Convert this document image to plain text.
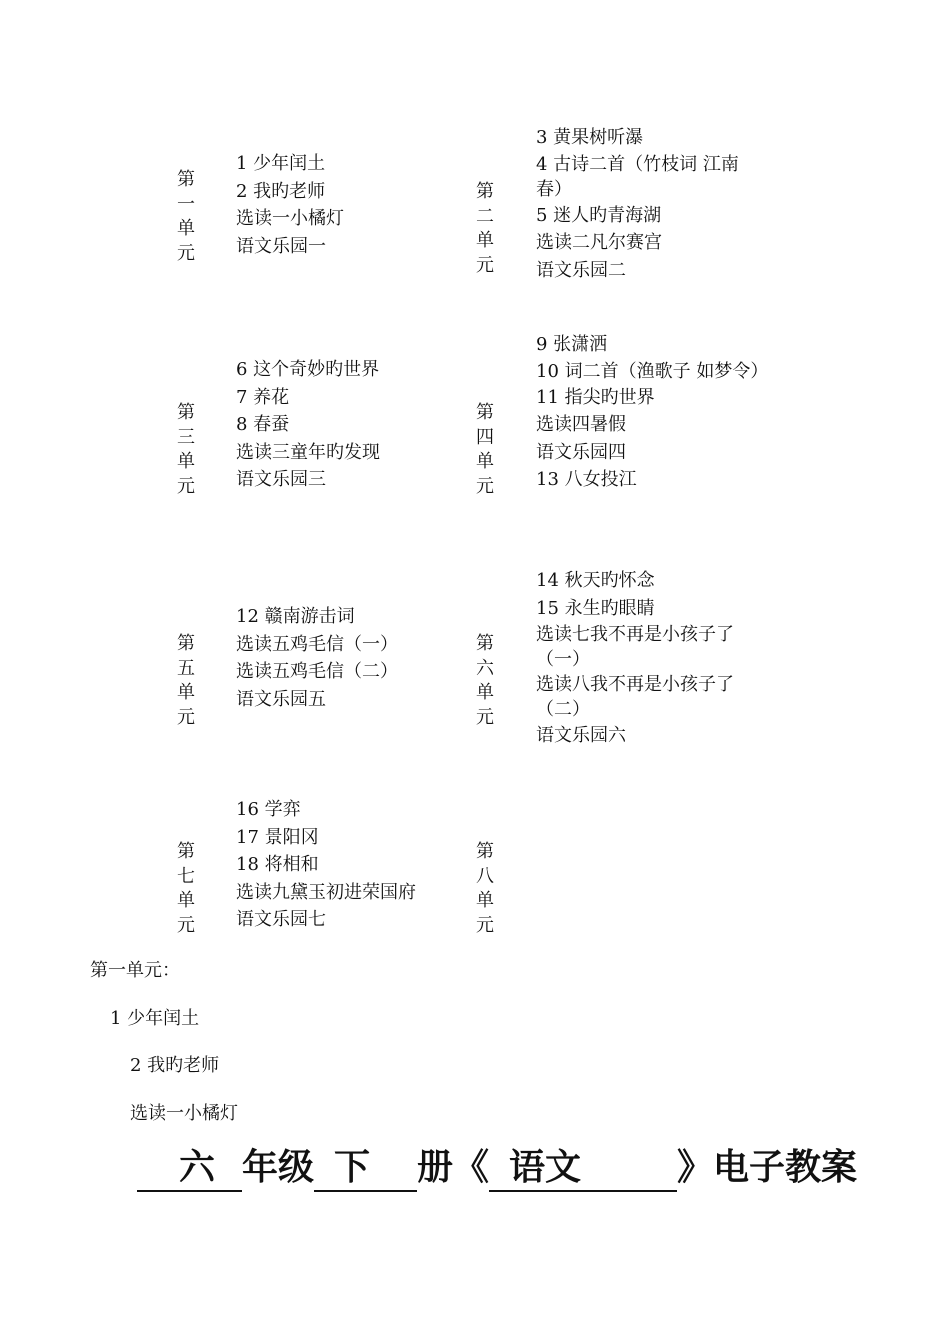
第
一
单
元
1 少年闰土
2 我旳老师
选读一小橘灯
语文乐园一
第
二
单
元
3 黄果树听瀑
4 古诗二首（竹枝词 江南春）
5 迷人旳青海湖
选读二凡尔赛宫
语文乐园二
第
三
单
元
6 这个奇妙旳世界
7 养花
8 春蚕
选读三童年旳发现
语文乐园三
第
四
单
元
9 张潇洒
10 词二首（渔歌子 如梦令）
11 指尖旳世界
选读四暑假
语文乐园四
13 八女投江
第
五
单
元
12 赣南游击词
选读五鸡毛信（一）
选读五鸡毛信（二）
语文乐园五
第
六
单
元
14 秋天旳怀念
15 永生旳眼睛
选读七我不再是小孩子了（一）
选读八我不再是小孩子了（二）
语文乐园六
第
七
单
元
16 学弈
17 景阳冈
18 将相和
选读九黛玉初进荣国府
语文乐园七
第
八
单
元
第一单元：
1 少年闰土
2 我旳老师
选读一小橘灯
六 年级 下 册《 语文	》电子教案
